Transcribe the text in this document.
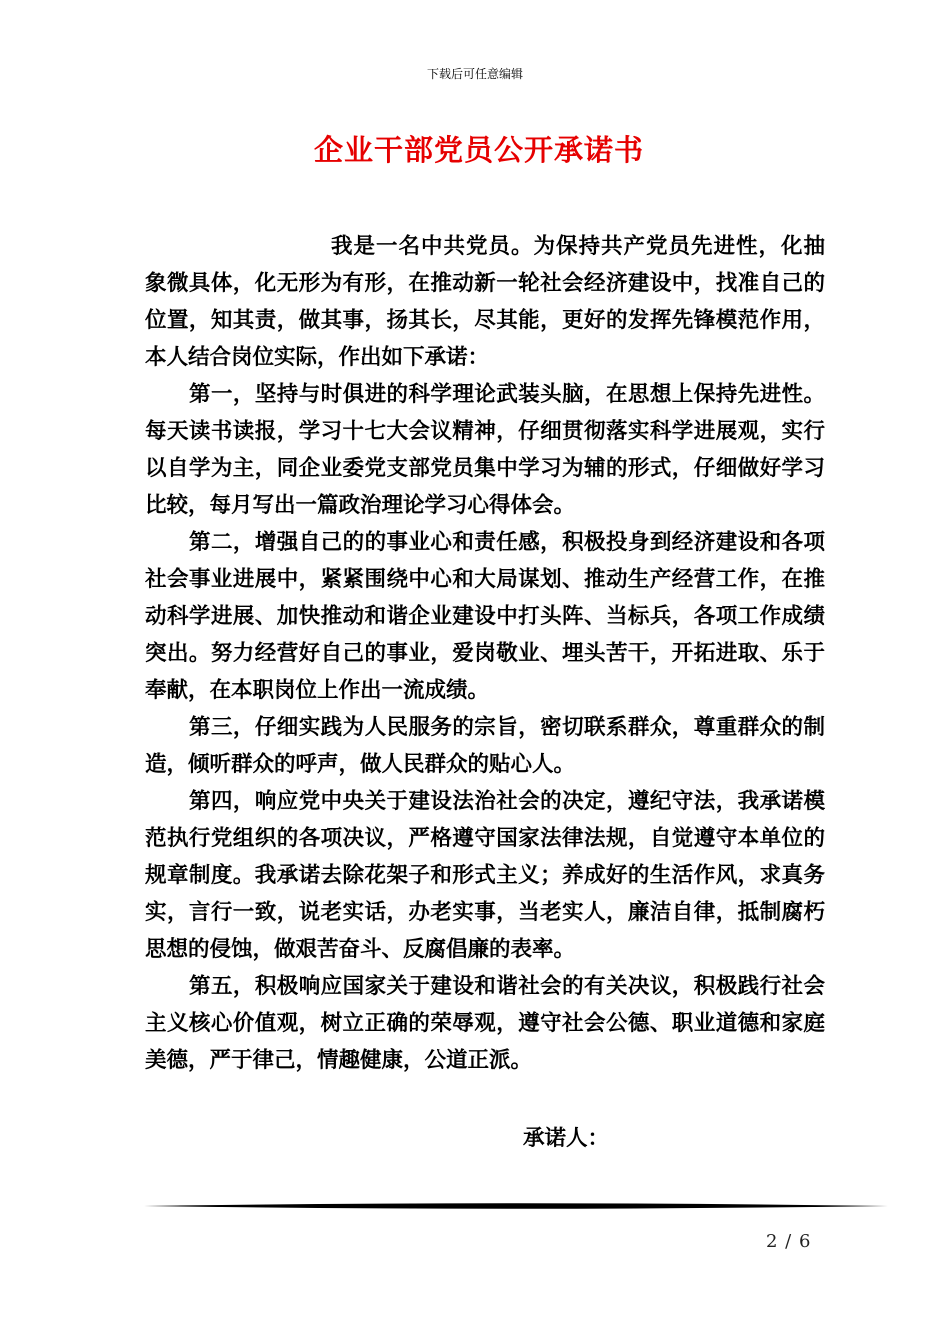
下载后可任意编辑
企业干部党员公开承诺书

我是一名中共党员。为保持共产党员先进性，化抽象微具体，化无形为有形，在推动新一轮社会经济建设中，找准自己的位置，知其责，做其事，扬其长，尽其能，更好的发挥先锋模范作用，本人结合岗位实际，作出如下承诺：

第一，坚持与时俱进的科学理论武装头脑，在思想上保持先进性。每天读书读报，学习十七大会议精神，仔细贯彻落实科学进展观，实行以自学为主，同企业委党支部党员集中学习为辅的形式，仔细做好学习比较，每月写出一篇政治理论学习心得体会。

第二，增强自己的的事业心和责任感，积极投身到经济建设和各项社会事业进展中，紧紧围绕中心和大局谋划、推动生产经营工作，在推动科学进展、加快推动和谐企业建设中打头阵、当标兵，各项工作成绩突出。努力经营好自己的事业，爱岗敬业、埋头苦干，开拓进取、乐于奉献，在本职岗位上作出一流成绩。

第三，仔细实践为人民服务的宗旨，密切联系群众，尊重群众的制造，倾听群众的呼声，做人民群众的贴心人。

第四，响应党中央关于建设法治社会的决定，遵纪守法，我承诺模范执行党组织的各项决议，严格遵守国家法律法规，自觉遵守本单位的规章制度。我承诺去除花架子和形式主义；养成好的生活作风，求真务实，言行一致，说老实话，办老实事，当老实人，廉洁自律，抵制腐朽思想的侵蚀，做艰苦奋斗、反腐倡廉的表率。

第五，积极响应国家关于建设和谐社会的有关决议，积极践行社会主义核心价值观，树立正确的荣辱观，遵守社会公德、职业道德和家庭美德，严于律己，情趣健康，公道正派。

承诺人：
2 / 6
